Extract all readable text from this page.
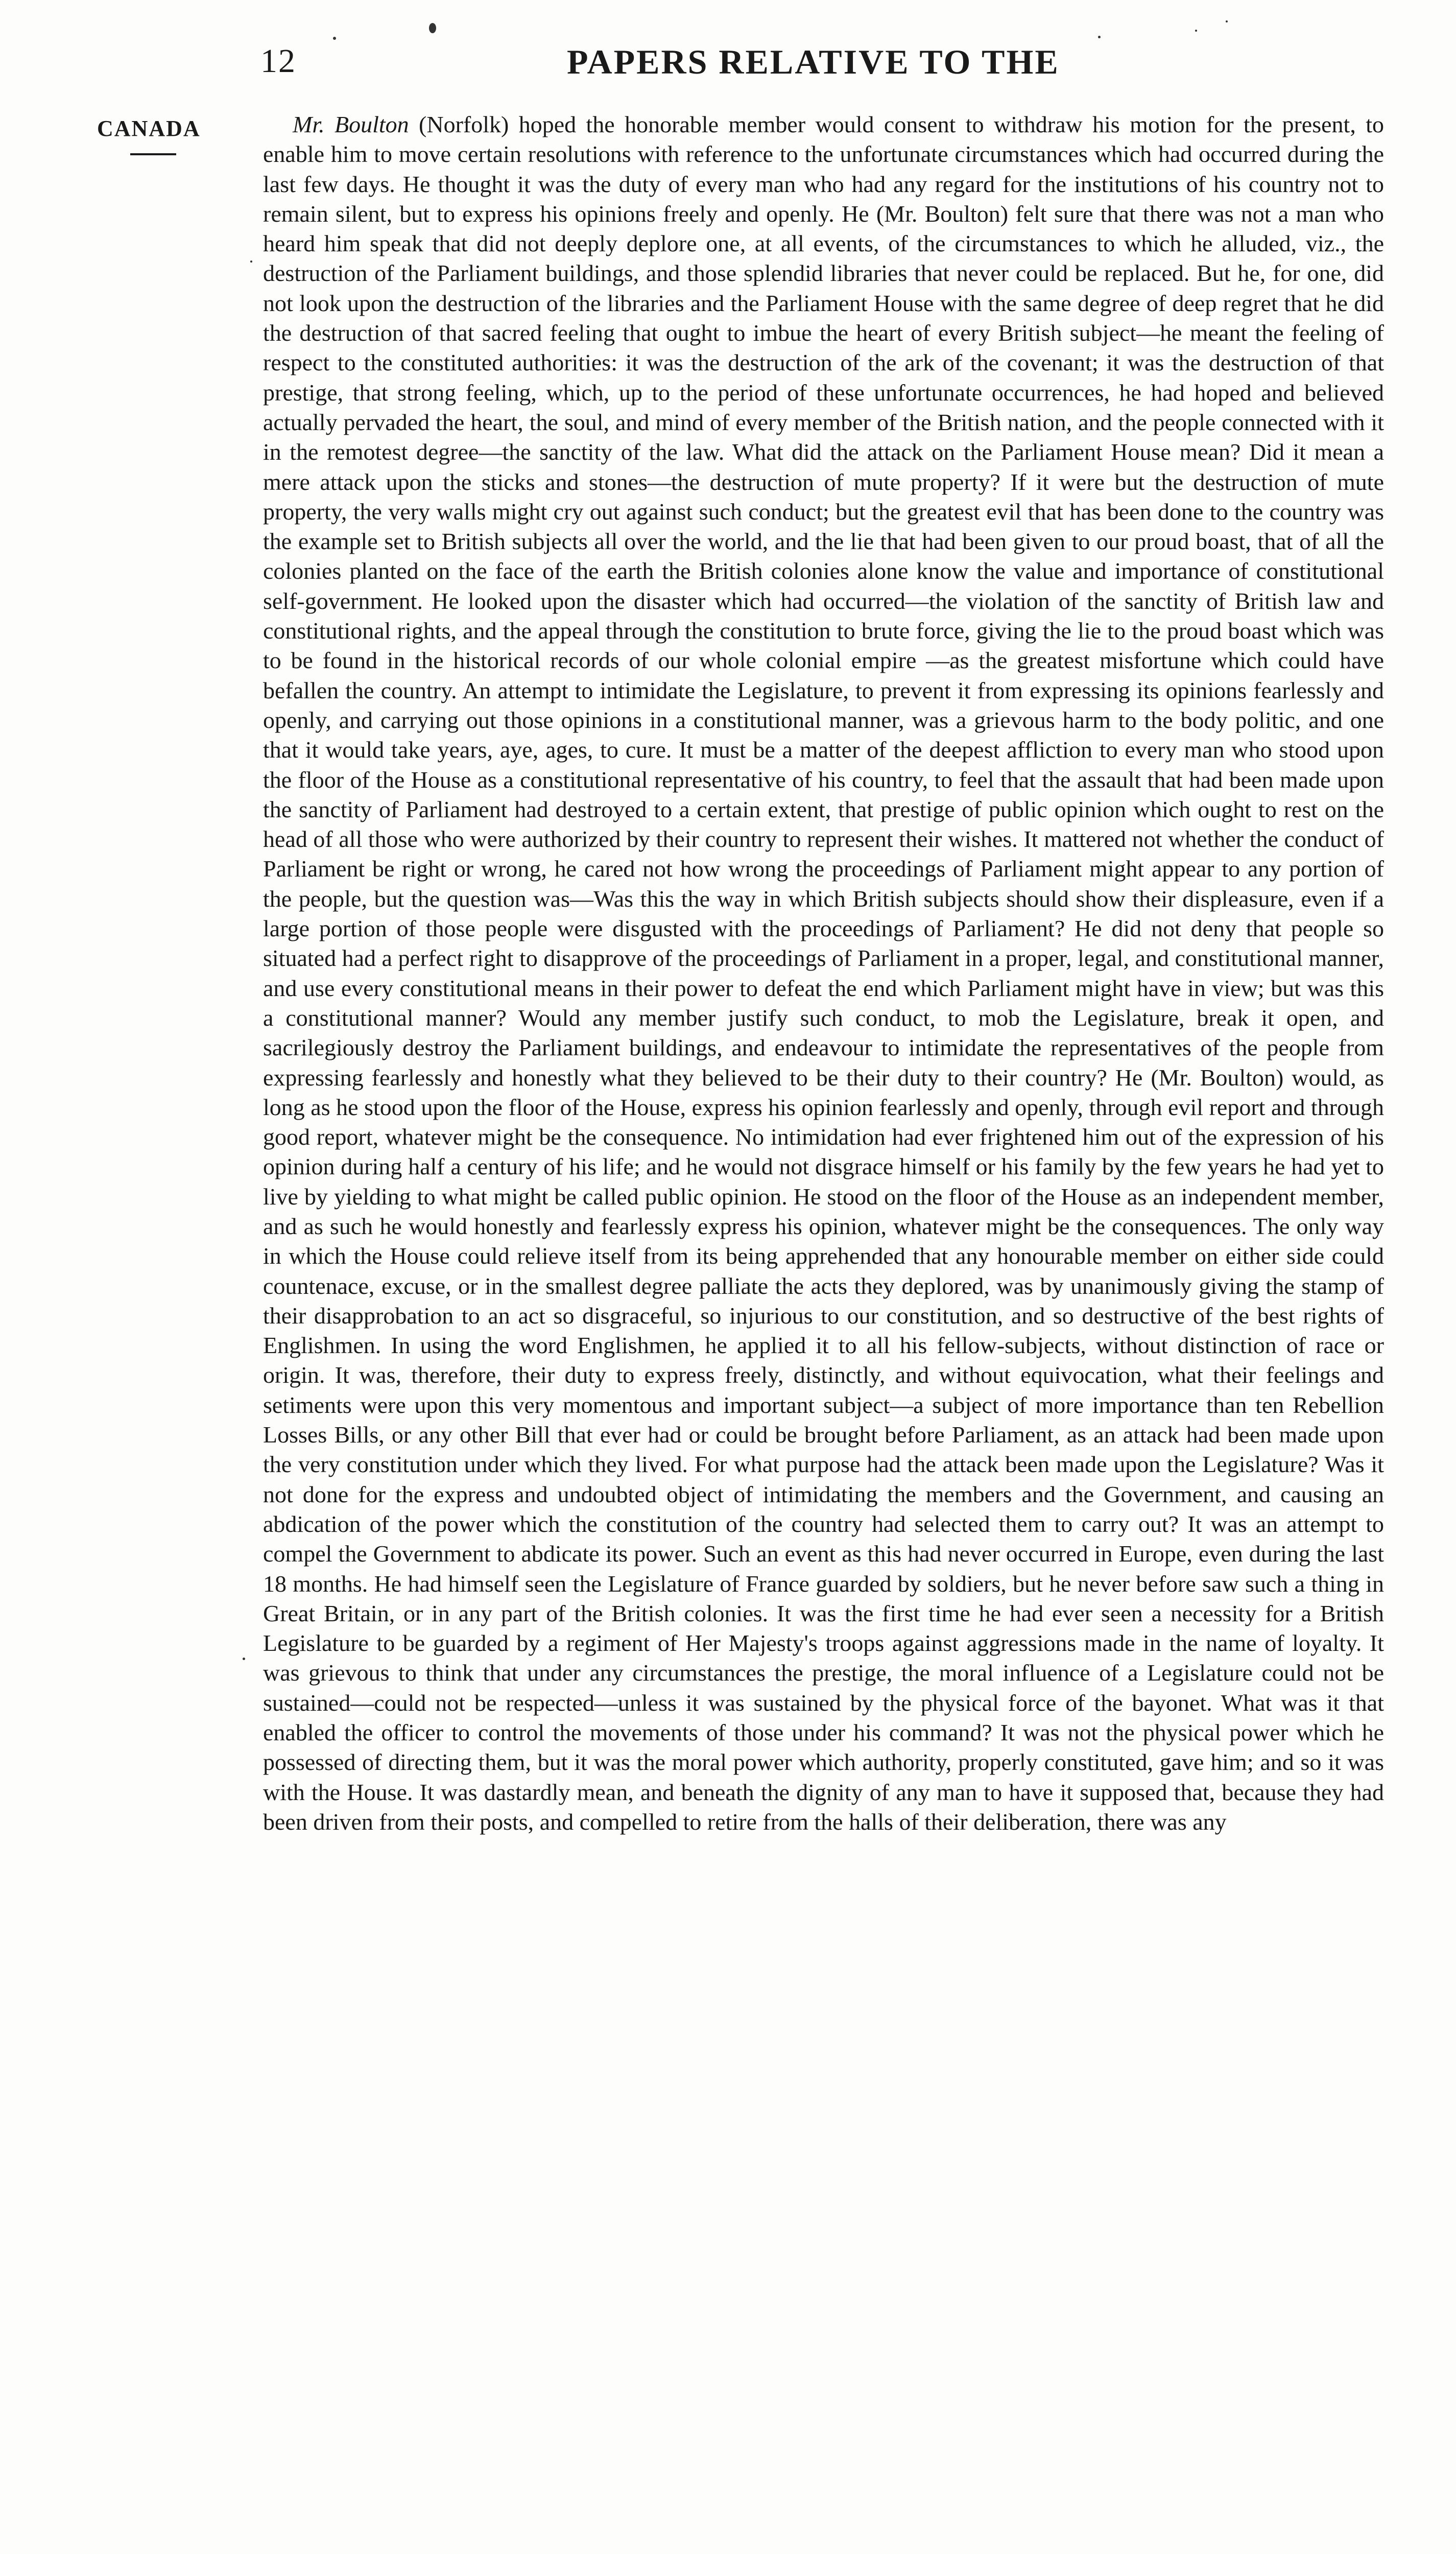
12	PAPERS RELATIVE TO THE
CANADA	Mr. Boulton (Norfolk) hoped the honorable member would consent to withdraw his motion for the present, to enable him to move certain resolutions with reference to the unfortunate circumstances which had occurred during the last few days. He thought it was the duty of every man who had any regard for the institutions of his country not to remain silent, but to express his opinions freely and openly. He (Mr. Boulton) felt sure that there was not a man who heard him speak that did not deeply deplore one, at all events, of the circumstances to which he alluded, viz., the destruction of the Parliament buildings, and those splendid libraries that never could be replaced. But he, for one, did not look upon the destruction of the libraries and the Parliament House with the same degree of deep regret that he did the destruction of that sacred feeling that ought to imbue the heart of every British subject—he meant the feeling of respect to the constituted authorities: it was the destruction of the ark of the covenant; it was the destruction of that prestige, that strong feeling, which, up to the period of these unfortunate occurrences, he had hoped and believed actually pervaded the heart, the soul, and mind of every member of the British nation, and the people connected with it in the remotest degree—the sanctity of the law. What did the attack on the Parliament House mean? Did it mean a mere attack upon the sticks and stones—the destruction of mute property? If it were but the destruction of mute property, the very walls might cry out against such conduct; but the greatest evil that has been done to the country was the example set to British subjects all over the world, and the lie that had been given to our proud boast, that of all the colonies planted on the face of the earth the British colonies alone know the value and importance of constitutional self-government. He looked upon the disaster which had occurred—the violation of the sanctity of British law and constitutional rights, and the appeal through the constitution to brute force, giving the lie to the proud boast which was to be found in the historical records of our whole colonial empire —as the greatest misfortune which could have befallen the country. An attempt to intimidate the Legislature, to prevent it from expressing its opinions fearlessly and openly, and carrying out those opinions in a constitutional manner, was a grievous harm to the body politic, and one that it would take years, aye, ages, to cure. It must be a matter of the deepest affliction to every man who stood upon the floor of the House as a constitutional representative of his country, to feel that the assault that had been made upon the sanctity of Parliament had destroyed to a certain extent, that prestige of public opinion which ought to rest on the head of all those who were authorized by their country to represent their wishes. It mattered not whether the conduct of Parliament be right or wrong, he cared not how wrong the proceedings of Parliament might appear to any portion of the people, but the question was—Was this the way in which British subjects should show their displeasure, even if a large portion of those people were disgusted with the proceedings of Parliament? He did not deny that people so situated had a perfect right to disapprove of the proceedings of Parliament in a proper, legal, and constitutional manner, and use every constitutional means in their power to defeat the end which Parliament might have in view; but was this a constitutional manner? Would any member justify such conduct, to mob the Legislature, break it open, and sacrilegiously destroy the Parliament buildings, and endeavour to intimidate the representatives of the people from expressing fearlessly and honestly what they believed to be their duty to their country? He (Mr. Boulton) would, as long as he stood upon the floor of the House, express his opinion fearlessly and openly, through evil report and through good report, whatever might be the consequence. No intimidation had ever frightened him out of the expression of his opinion during half a century of his life; and he would not disgrace himself or his family by the few years he had yet to live by yielding to what might be called public opinion. He stood on the floor of the House as an independent member, and as such he would honestly and fearlessly express his opinion, whatever might be the consequences. The only way in which the House could relieve itself from its being apprehended that any honourable member on either side could countenace, excuse, or in the smallest degree palliate the acts they deplored, was by unanimously giving the stamp of their disapprobation to an act so disgraceful, so injurious to our constitution, and so destructive of the best rights of Englishmen. In using the word Englishmen, he applied it to all his fellow-subjects, without distinction of race or origin. It was, therefore, their duty to express freely, distinctly, and without equivocation, what their feelings and setiments were upon this very momentous and important subject—a subject of more importance than ten Rebellion Losses Bills, or any other Bill that ever had or could be brought before Parliament, as an attack had been made upon the very constitution under which they lived. For what purpose had the attack been made upon the Legislature? Was it not done for the express and undoubted object of intimidating the members and the Government, and causing an abdication of the power which the constitution of the country had selected them to carry out? It was an attempt to compel the Government to abdicate its power. Such an event as this had never occurred in Europe, even during the last 18 months. He had himself seen the Legislature of France guarded by soldiers, but he never before saw such a thing in Great Britain, or in any part of the British colonies. It was the first time he had ever seen a necessity for a British Legislature to be guarded by a regiment of Her Majesty's troops against aggressions made in the name of loyalty. It was grievous to think that under any circumstances the prestige, the moral influence of a Legislature could not be sustained—could not be respected—unless it was sustained by the physical force of the bayonet. What was it that enabled the officer to control the movements of those under his command? It was not the physical power which he possessed of directing them, but it was the moral power which authority, properly constituted, gave him; and so it was with the House. It was dastardly mean, and beneath the dignity of any man to have it supposed that, because they had been driven from their posts, and compelled to retire from the halls of their deliberation, there was any
